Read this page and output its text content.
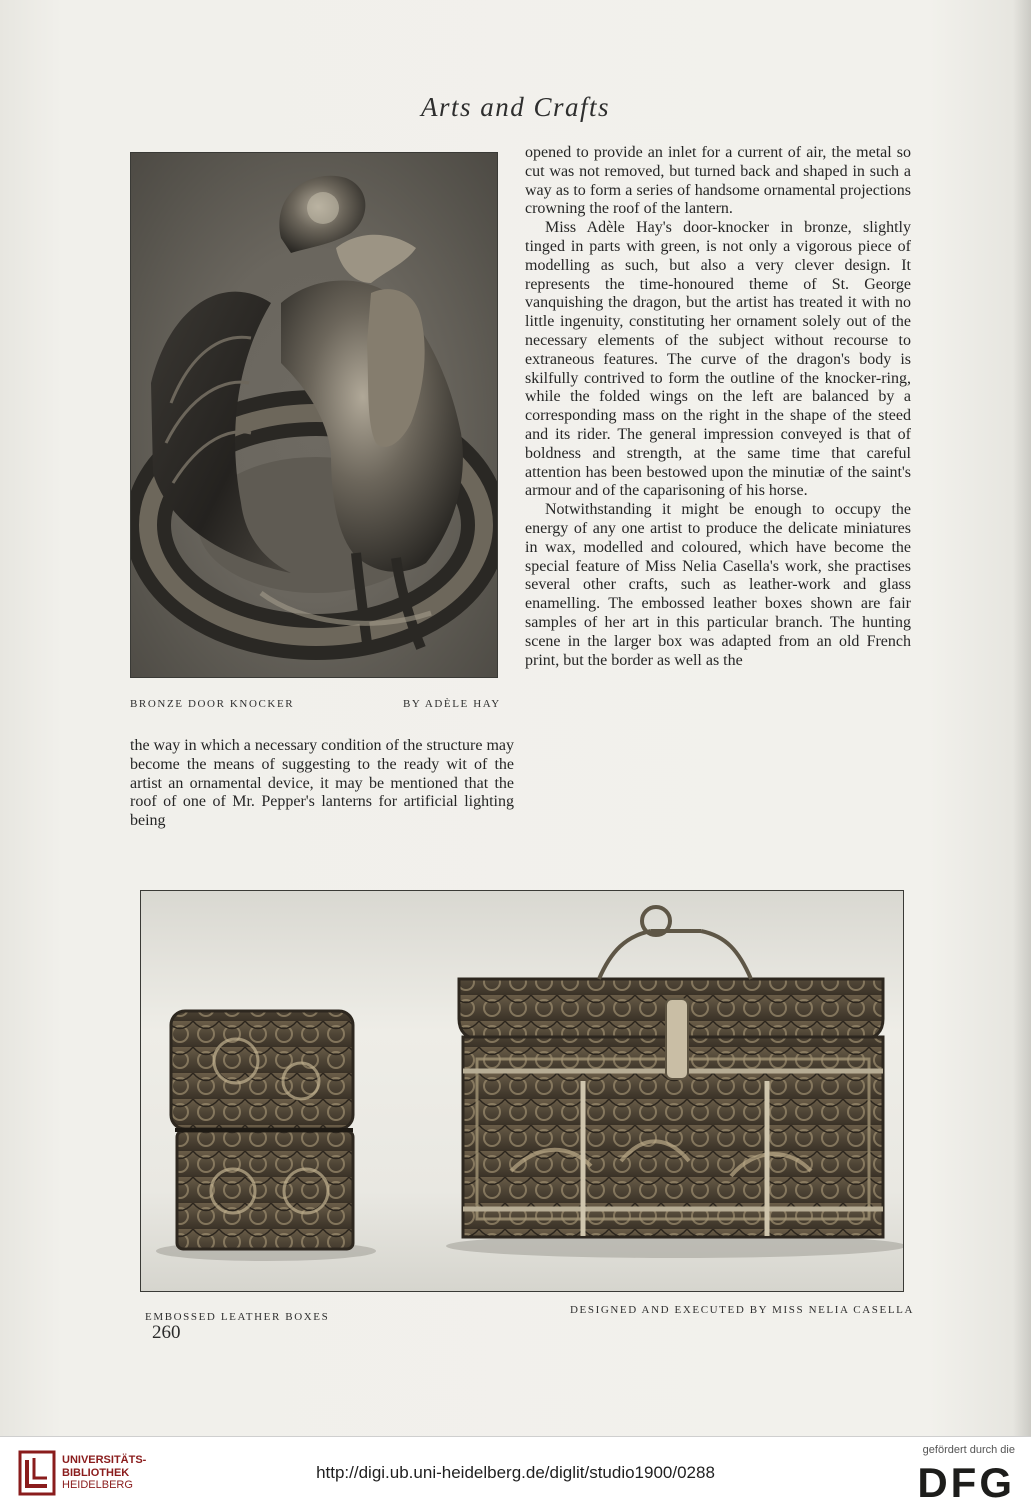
Arts and Crafts
BRONZE DOOR KNOCKER	BY ADÈLE HAY

the way in which a necessary condition of the structure may become the means of suggesting to the ready wit of the artist an ornamental device, it may be mentioned that the roof of one of Mr. Pepper's lanterns for artificial lighting being

opened to provide an inlet for a current of air, the metal so cut was not removed, but turned back and shaped in such a way as to form a series of handsome ornamental projections crowning the roof of the lantern.

Miss Adèle Hay's door-knocker in bronze, slightly tinged in parts with green, is not only a vigorous piece of modelling as such, but also a very clever design. It represents the time-honoured theme of St. George vanquishing the dragon, but the artist has treated it with no little ingenuity, constituting her ornament solely out of the necessary elements of the subject without recourse to extraneous features. The curve of the dragon's body is skilfully contrived to form the outline of the knocker-ring, while the folded wings on the left are balanced by a corresponding mass on the right in the shape of the steed and its rider. The general impression conveyed is that of boldness and strength, at the same time that careful attention has been bestowed upon the minutiæ of the saint's armour and of the caparisoning of his horse.

Notwithstanding it might be enough to occupy the energy of any one artist to produce the delicate miniatures in wax, modelled and coloured, which have become the special feature of Miss Nelia Casella's work, she practises several other crafts, such as leather-work and glass enamelling. The embossed leather boxes shown are fair samples of her art in this particular branch. The hunting scene in the larger box was adapted from an old French print, but the border as well as the

EMBOSSED LEATHER BOXES
DESIGNED AND EXECUTED BY MISS NELIA CASELLA
260
UNIVERSITÄTS-
BIBLIOTHEK
HEIDELBERG
http://digi.ub.uni-heidelberg.de/diglit/studio1900/0288
gefördert durch die
DFG
